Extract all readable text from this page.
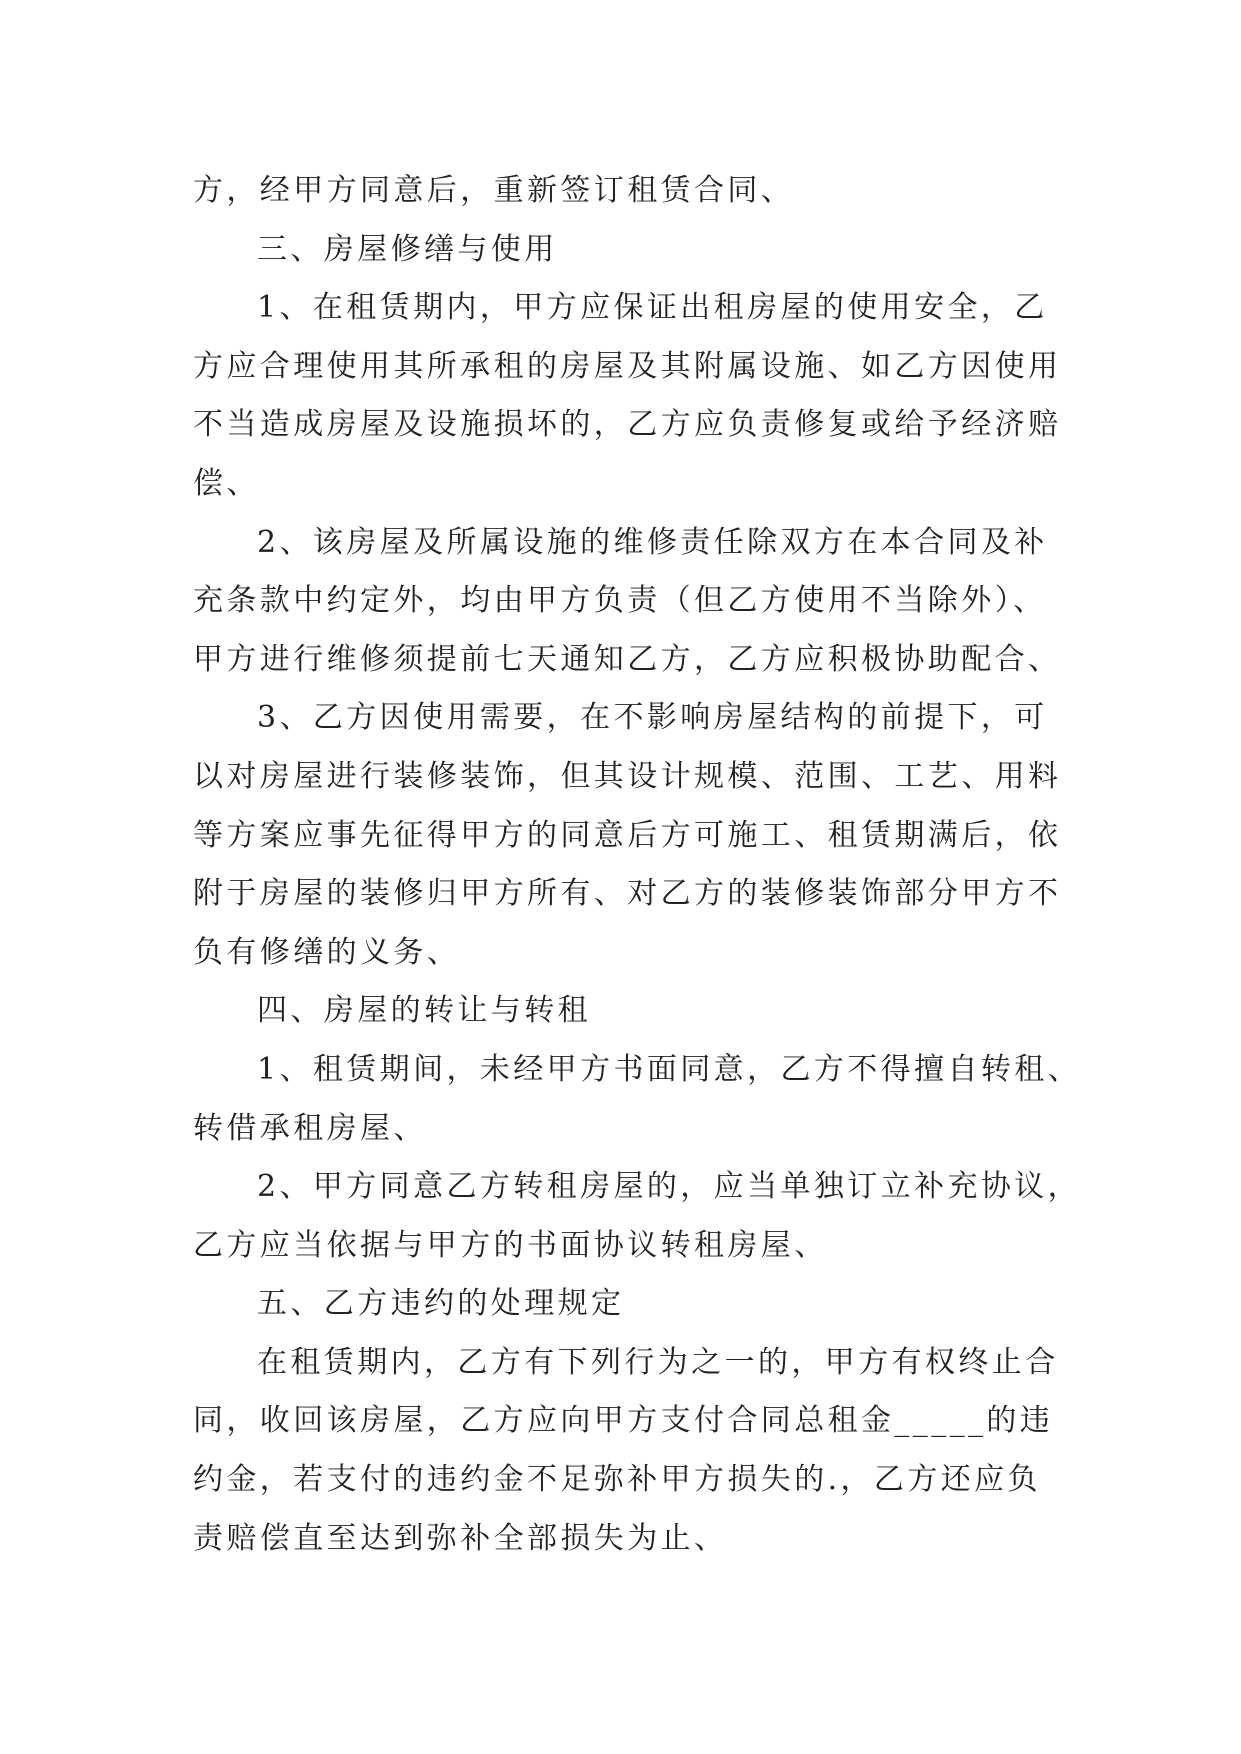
方，经甲方同意后，重新签订租赁合同、
三、房屋修缮与使用
1、在租赁期内，甲方应保证出租房屋的使用安全，乙
方应合理使用其所承租的房屋及其附属设施、如乙方因使用
不当造成房屋及设施损坏的，乙方应负责修复或给予经济赔
偿、
2、该房屋及所属设施的维修责任除双方在本合同及补
充条款中约定外，均由甲方负责（但乙方使用不当除外）、
甲方进行维修须提前七天通知乙方，乙方应积极协助配合、
3、乙方因使用需要，在不影响房屋结构的前提下，可
以对房屋进行装修装饰，但其设计规模、范围、工艺、用料
等方案应事先征得甲方的同意后方可施工、租赁期满后，依
附于房屋的装修归甲方所有、对乙方的装修装饰部分甲方不
负有修缮的义务、
四、房屋的转让与转租
1、租赁期间，未经甲方书面同意，乙方不得擅自转租、
转借承租房屋、
2、甲方同意乙方转租房屋的，应当单独订立补充协议，
乙方应当依据与甲方的书面协议转租房屋、
五、乙方违约的处理规定
在租赁期内，乙方有下列行为之一的，甲方有权终止合
同，收回该房屋，乙方应向甲方支付合同总租金_____的违
约金，若支付的违约金不足弥补甲方损失的.，乙方还应负
责赔偿直至达到弥补全部损失为止、
